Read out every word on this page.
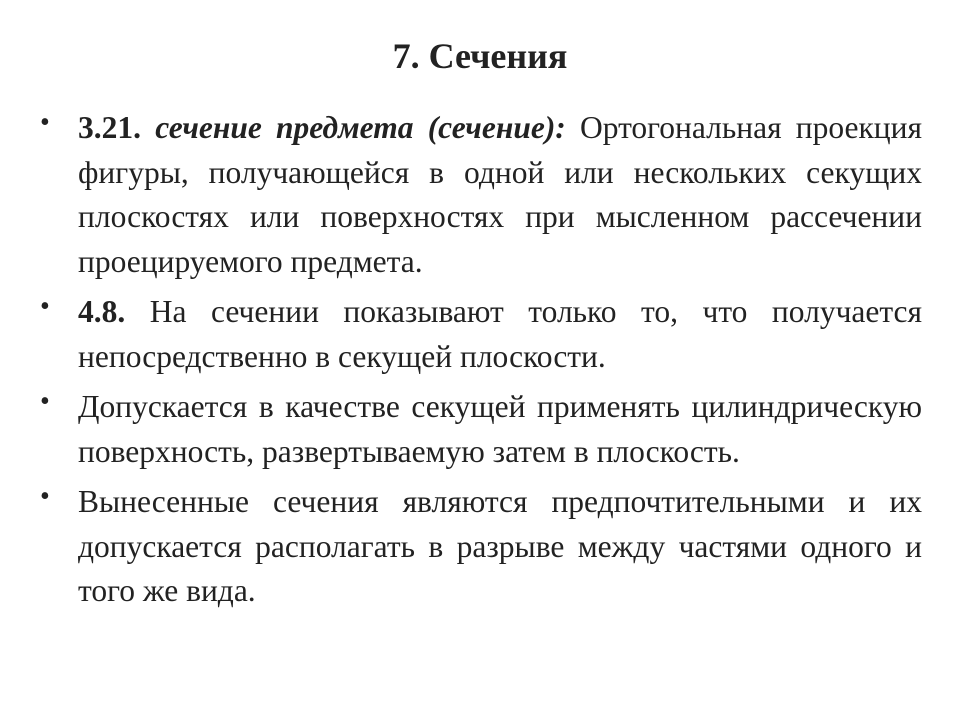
7. Сечения
• 3.21. сечение предмета (сечение): Ортогональная проекция фигуры, получающейся в одной или нескольких секущих плоскостях или поверхностях при мысленном рассечении проецируемого предмета.
• 4.8. На сечении показывают только то, что получается непосредственно в секущей плоскости.
• Допускается в качестве секущей применять цилиндрическую поверхность, развертываемую затем в плоскость.
• Вынесенные сечения являются предпочтительными и их допускается располагать в разрыве между частями одного и того же вида.
